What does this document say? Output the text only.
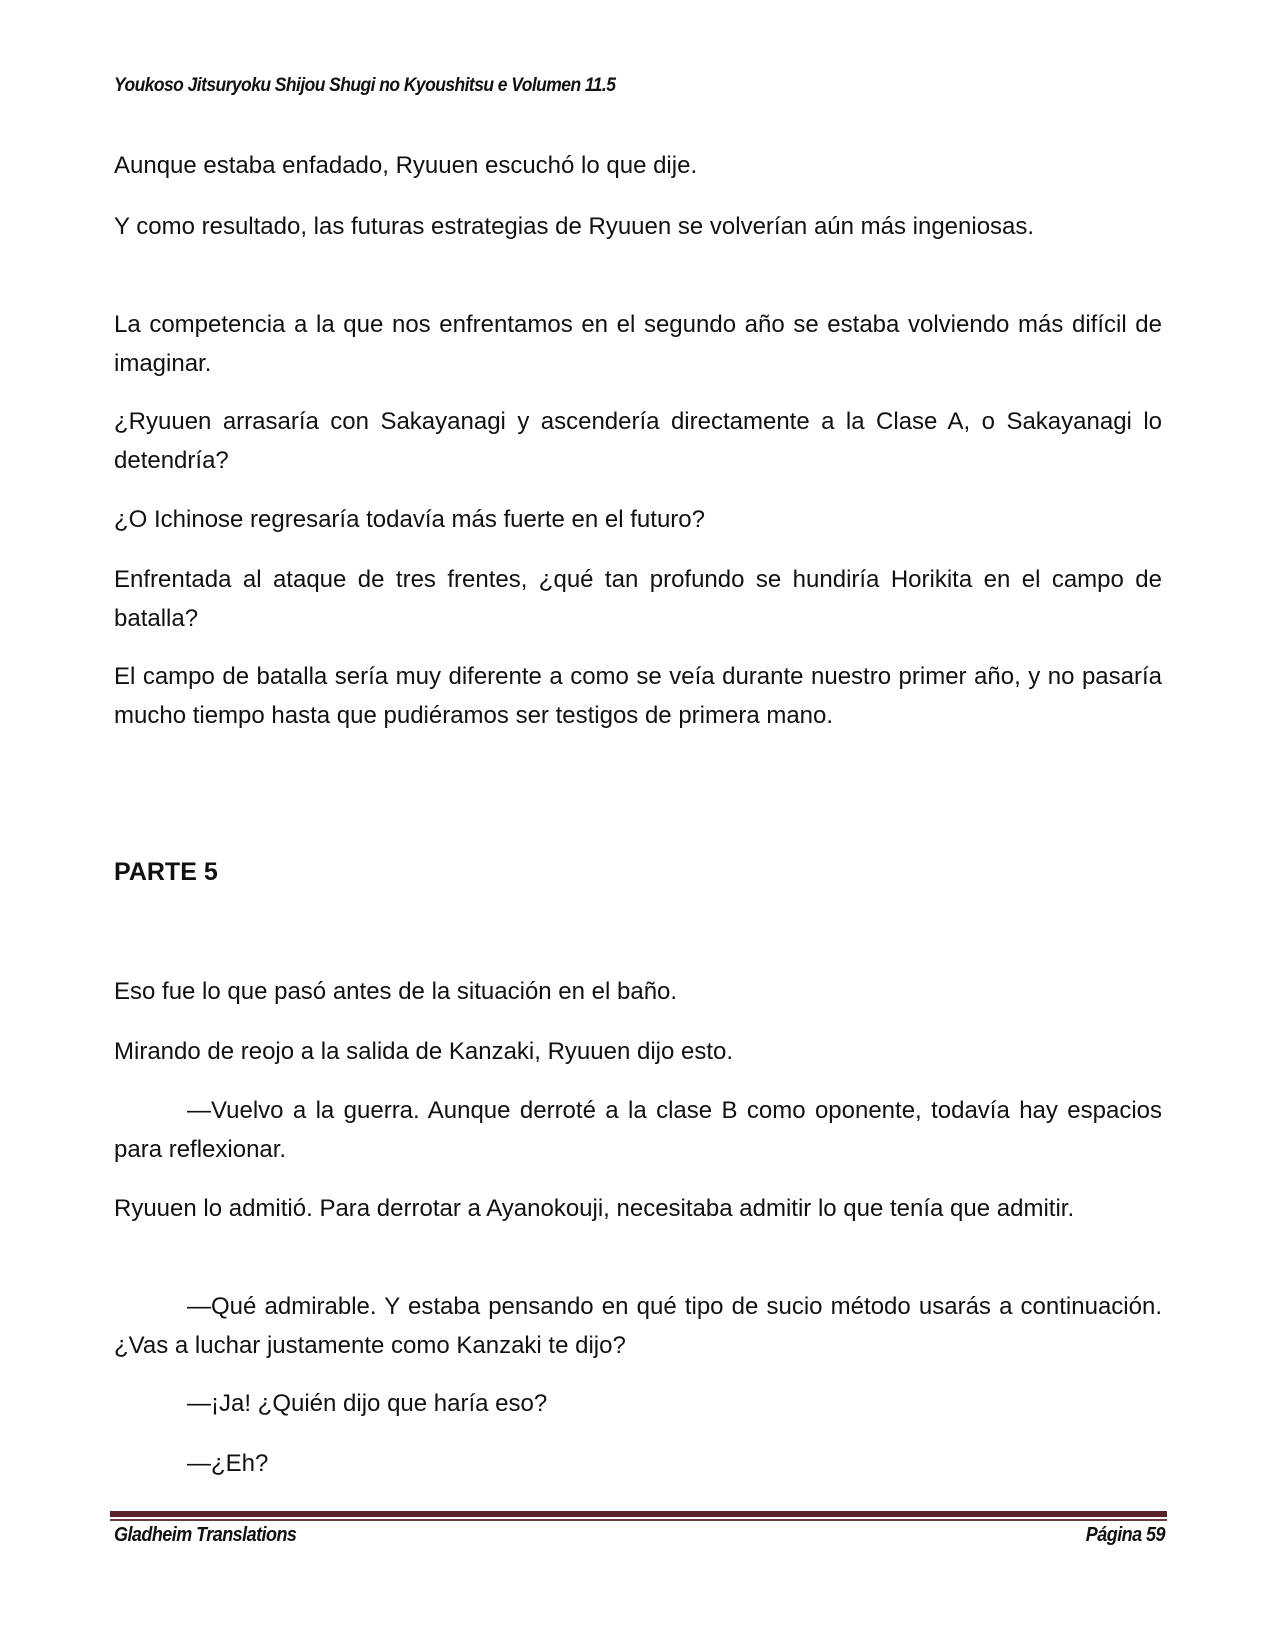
Youkoso Jitsuryoku Shijou Shugi no Kyoushitsu e Volumen 11.5
Aunque estaba enfadado, Ryuuen escuchó lo que dije.
Y como resultado, las futuras estrategias de Ryuuen se volverían aún más ingeniosas.
La competencia a la que nos enfrentamos en el segundo año se estaba volviendo más difícil de imaginar.
¿Ryuuen arrasaría con Sakayanagi y ascendería directamente a la Clase A, o Sakayanagi lo detendría?
¿O Ichinose regresaría todavía más fuerte en el futuro?
Enfrentada al ataque de tres frentes, ¿qué tan profundo se hundiría Horikita en el campo de batalla?
El campo de batalla sería muy diferente a como se veía durante nuestro primer año, y no pasaría mucho tiempo hasta que pudiéramos ser testigos de primera mano.
PARTE 5
Eso fue lo que pasó antes de la situación en el baño.
Mirando de reojo a la salida de Kanzaki, Ryuuen dijo esto.
—Vuelvo a la guerra. Aunque derroté a la clase B como oponente, todavía hay espacios para reflexionar.
Ryuuen lo admitió. Para derrotar a Ayanokouji, necesitaba admitir lo que tenía que admitir.
—Qué admirable. Y estaba pensando en qué tipo de sucio método usarás a continuación. ¿Vas a luchar justamente como Kanzaki te dijo?
—¡Ja! ¿Quién dijo que haría eso?
—¿Eh?
Gladheim Translations	Página 59
